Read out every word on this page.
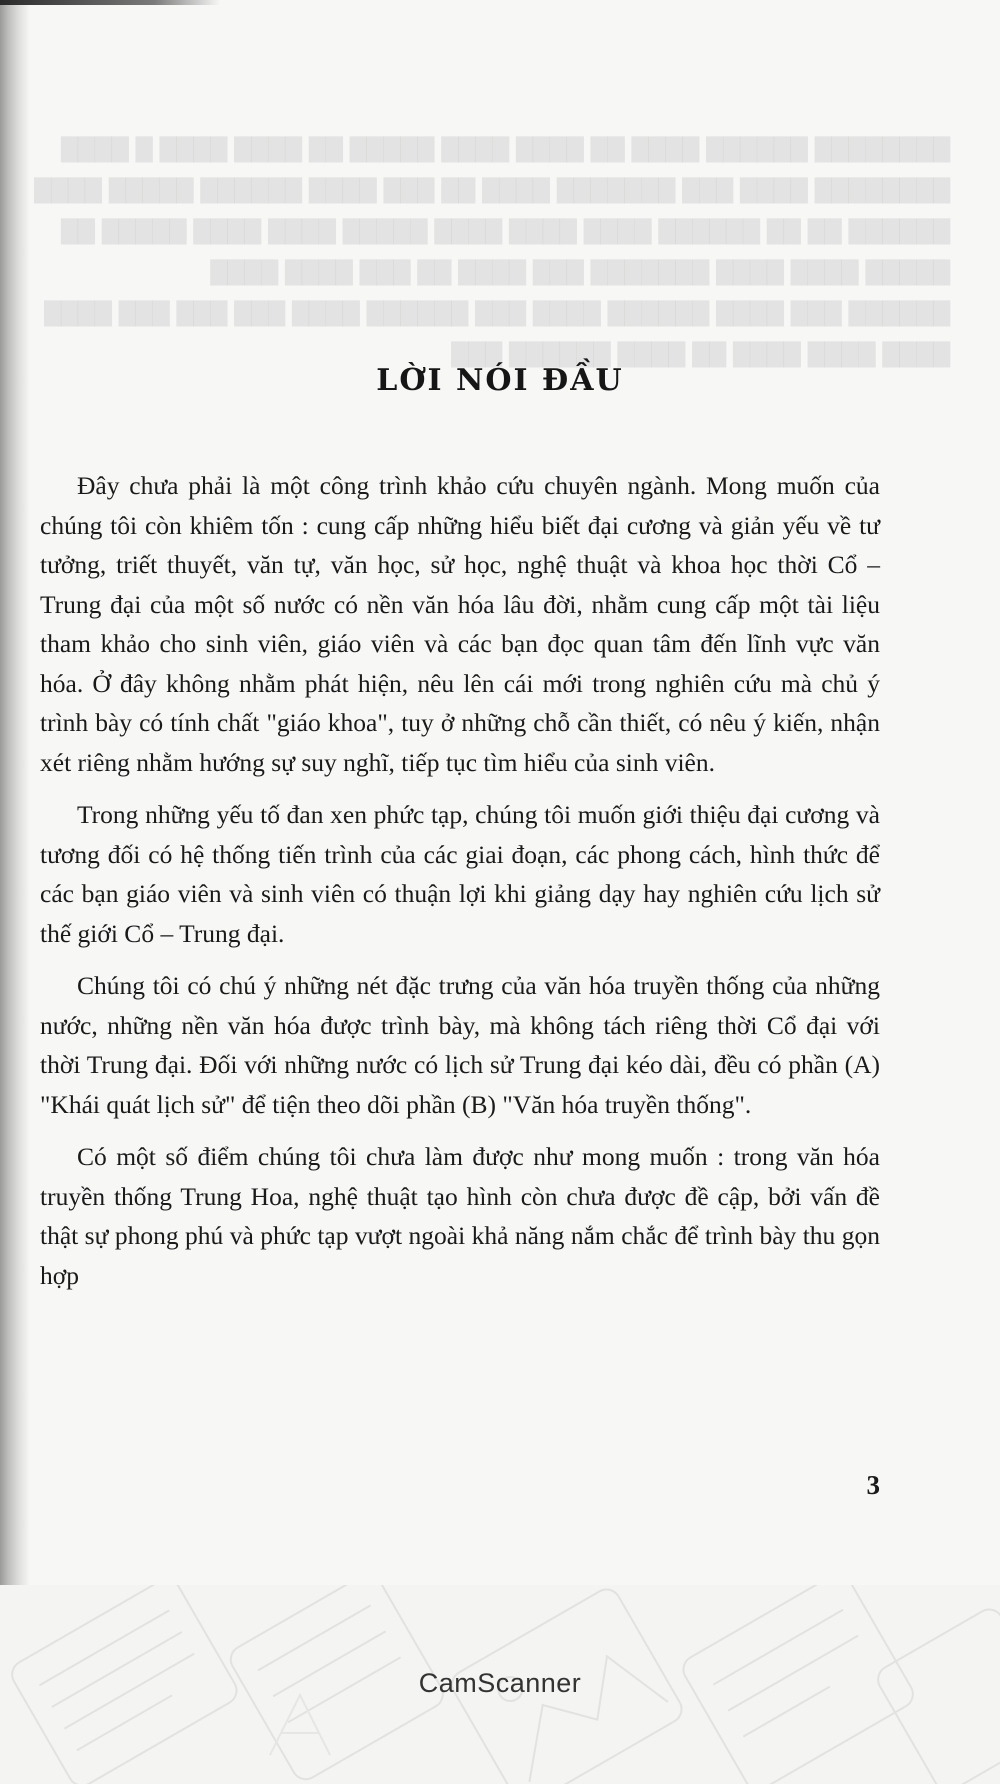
████████ ██████ ████ ██ ████ ████ █████ ██ ████ ████ █ ████
████████ ████ ███ ███████ ████ ██ ███ ████ ██████ █████ ████
██████ ██ ██ ██████ ████ ████ ████ █████ ████ ████ █████ ██
█████ ████ ████ ███████ ███ ████ ██ ███ ████ ████
██████ ███ ████ ██████ ████ ███ ██████ ████ ███ ███ ███ ████
████ ████ ████ ██ ████ ██████ ███
LỜI NÓI ĐẦU

Đây chưa phải là một công trình khảo cứu chuyên ngành. Mong muốn của chúng tôi còn khiêm tốn : cung cấp những hiểu biết đại cương và giản yếu về tư tưởng, triết thuyết, văn tự, văn học, sử học, nghệ thuật và khoa học thời Cổ – Trung đại của một số nước có nền văn hóa lâu đời, nhằm cung cấp một tài liệu tham khảo cho sinh viên, giáo viên và các bạn đọc quan tâm đến lĩnh vực văn hóa. Ở đây không nhằm phát hiện, nêu lên cái mới trong nghiên cứu mà chủ ý trình bày có tính chất "giáo khoa", tuy ở những chỗ cần thiết, có nêu ý kiến, nhận xét riêng nhằm hướng sự suy nghĩ, tiếp tục tìm hiểu của sinh viên.

Trong những yếu tố đan xen phức tạp, chúng tôi muốn giới thiệu đại cương và tương đối có hệ thống tiến trình của các giai đoạn, các phong cách, hình thức để các bạn giáo viên và sinh viên có thuận lợi khi giảng dạy hay nghiên cứu lịch sử thế giới Cổ – Trung đại.

Chúng tôi có chú ý những nét đặc trưng của văn hóa truyền thống của những nước, những nền văn hóa được trình bày, mà không tách riêng thời Cổ đại với thời Trung đại. Đối với những nước có lịch sử Trung đại kéo dài, đều có phần (A) "Khái quát lịch sử" để tiện theo dõi phần (B) "Văn hóa truyền thống".

Có một số điểm chúng tôi chưa làm được như mong muốn : trong văn hóa truyền thống Trung Hoa, nghệ thuật tạo hình còn chưa được đề cập, bởi vấn đề thật sự phong phú và phức tạp vượt ngoài khả năng nắm chắc để trình bày thu gọn hợp

3
CamScanner
